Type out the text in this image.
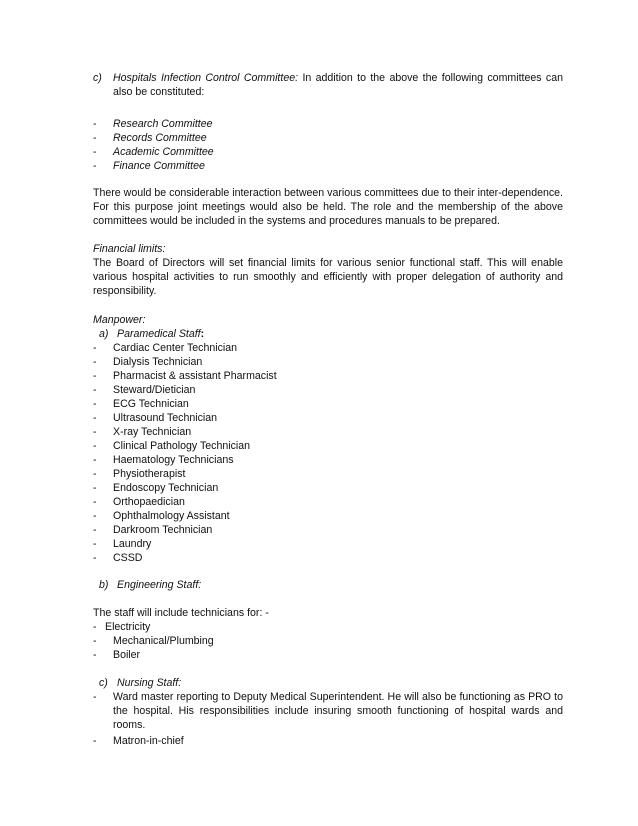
c) Hospitals Infection Control Committee: In addition to the above the following committees can also be constituted:
- Research Committee
- Records Committee
- Academic Committee
- Finance Committee

There would be considerable interaction between various committees due to their inter-dependence. For this purpose joint meetings would also be held. The role and the membership of the above committees would be included in the systems and procedures manuals to be prepared.

Financial limits:

The Board of Directors will set financial limits for various senior functional staff. This will enable various hospital activities to run smoothly and efficiently with proper delegation of authority and responsibility.

Manpower:
a) Paramedical Staff:
- Cardiac Center Technician
- Dialysis Technician
- Pharmacist & assistant Pharmacist
- Steward/Dietician
- ECG Technician
- Ultrasound Technician
- X-ray Technician
- Clinical Pathology Technician
- Haematology Technicians
- Physiotherapist
- Endoscopy Technician
- Orthopaedician
- Ophthalmology Assistant
- Darkroom Technician
- Laundry
- CSSD
b) Engineering Staff:
The staff will include technicians for: -
- Electricity
- Mechanical/Plumbing
- Boiler
c) Nursing Staff:
- Ward master reporting to Deputy Medical Superintendent. He will also be functioning as PRO to the hospital. His responsibilities include insuring smooth functioning of hospital wards and rooms.

- Matron-in-chief
